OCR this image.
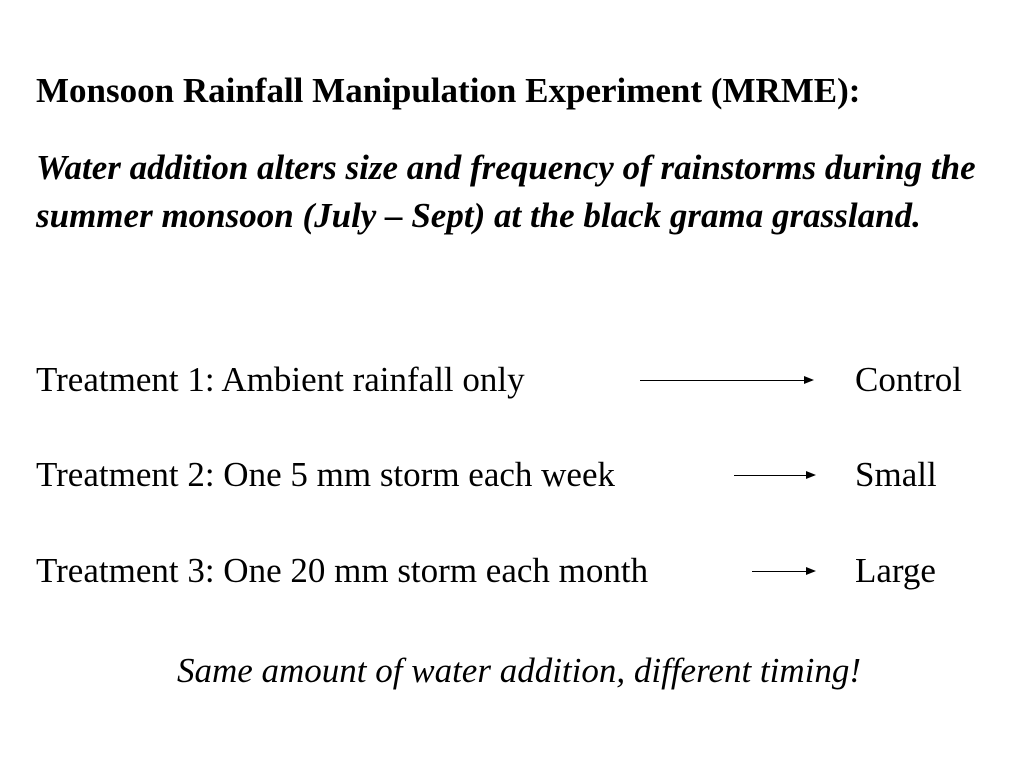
Monsoon Rainfall Manipulation Experiment (MRME):
Water addition alters size and frequency of rainstorms during the summer monsoon (July – Sept) at the black grama grassland.
Treatment 1: Ambient rainfall only	Control
Treatment 2: One 5 mm storm each week	Small
Treatment 3: One 20 mm storm each month	Large
Same amount of water addition, different timing!
